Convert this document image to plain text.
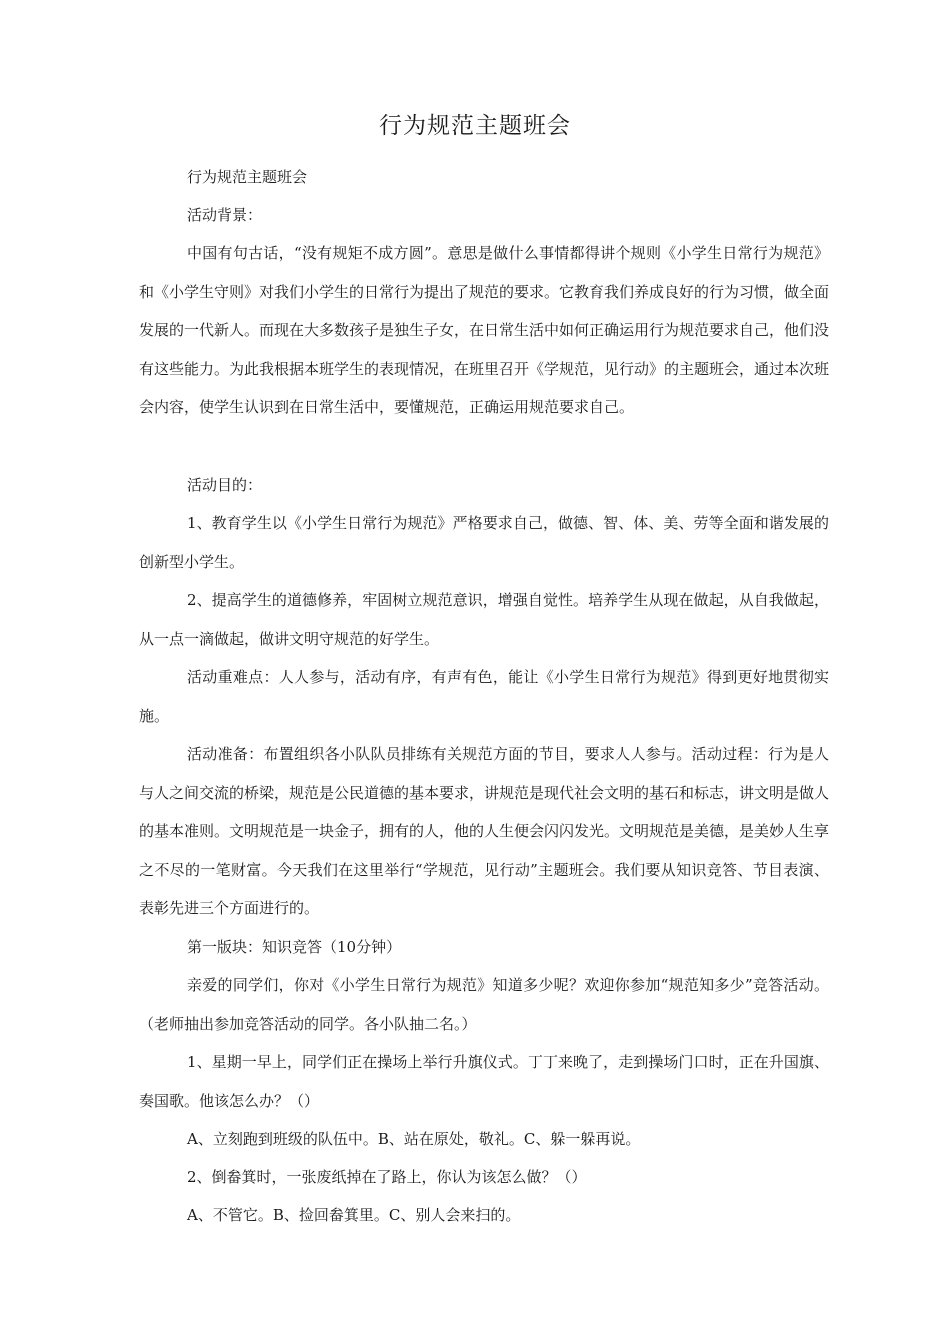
行为规范主题班会

行为规范主题班会

活动背景：

中国有句古话，“没有规矩不成方圆”。意思是做什么事情都得讲个规则《小学生日常行为规范》和《小学生守则》对我们小学生的日常行为提出了规范的要求。它教育我们养成良好的行为习惯，做全面发展的一代新人。而现在大多数孩子是独生子女，在日常生活中如何正确运用行为规范要求自己，他们没有这些能力。为此我根据本班学生的表现情况，在班里召开《学规范，见行动》的主题班会，通过本次班会内容，使学生认识到在日常生活中，要懂规范，正确运用规范要求自己。

活动目的：

1、教育学生以《小学生日常行为规范》严格要求自己，做德、智、体、美、劳等全面和谐发展的创新型小学生。

2、提高学生的道德修养，牢固树立规范意识，增强自觉性。培养学生从现在做起，从自我做起，从一点一滴做起，做讲文明守规范的好学生。

活动重难点：人人参与，活动有序，有声有色，能让《小学生日常行为规范》得到更好地贯彻实施。

活动准备：布置组织各小队队员排练有关规范方面的节目，要求人人参与。活动过程：行为是人与人之间交流的桥梁，规范是公民道德的基本要求，讲规范是现代社会文明的基石和标志，讲文明是做人的基本准则。文明规范是一块金子，拥有的人，他的人生便会闪闪发光。文明规范是美德，是美妙人生享之不尽的一笔财富。今天我们在这里举行“学规范，见行动”主题班会。我们要从知识竞答、节目表演、表彰先进三个方面进行的。

第一版块：知识竞答（10分钟）

亲爱的同学们，你对《小学生日常行为规范》知道多少呢？欢迎你参加“规范知多少”竞答活动。（老师抽出参加竞答活动的同学。各小队抽二名。）

1、星期一早上，同学们正在操场上举行升旗仪式。丁丁来晚了，走到操场门口时，正在升国旗、奏国歌。他该怎么办？（）

A、立刻跑到班级的队伍中。B、站在原处，敬礼。C、躲一躲再说。

2、倒畚箕时，一张废纸掉在了路上，你认为该怎么做？（）

A、不管它。B、捡回畚箕里。C、别人会来扫的。
